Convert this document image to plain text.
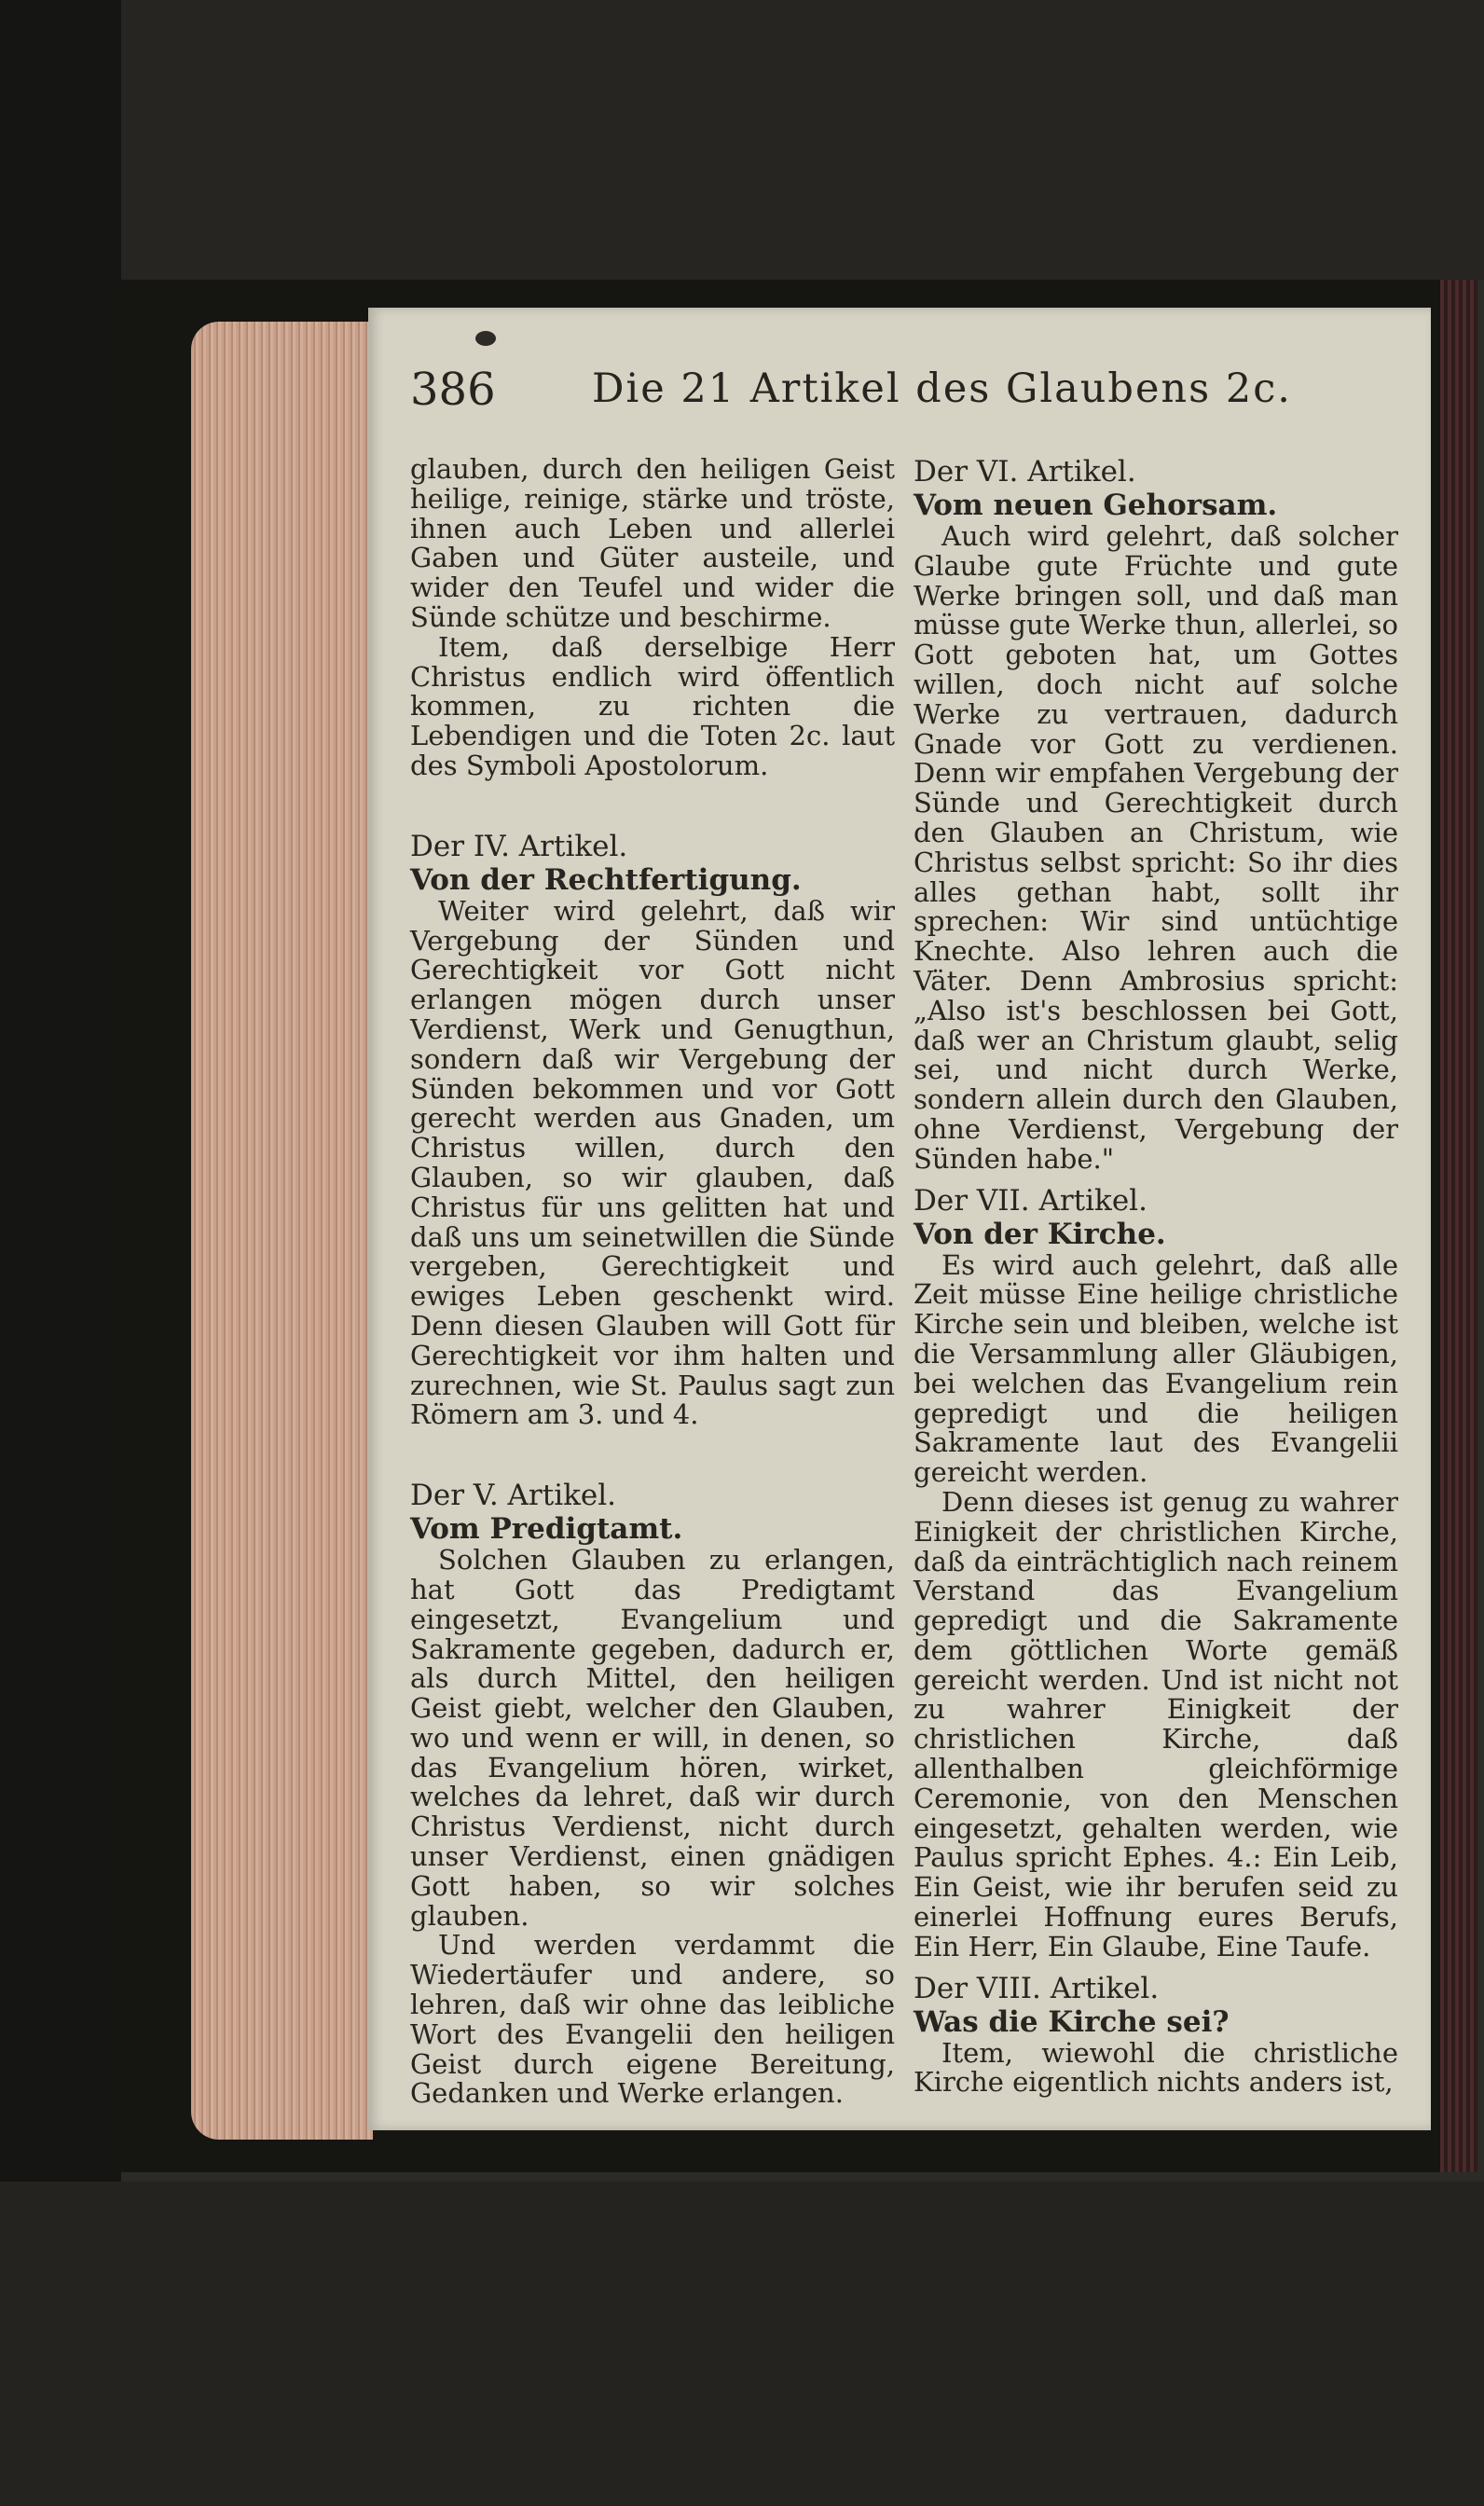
386 Die 21 Artikel des Glaubens 2c.

glauben, durch den heiligen Geist heilige, reinige, stärke und tröste, ihnen auch Leben und allerlei Gaben und Güter austeile, und wider den Teufel und wider die Sünde schütze und beschirme.

Item, daß derselbige Herr Christus endlich wird öffentlich kommen, zu richten die Lebendigen und die Toten 2c. laut des Symboli Apostolorum.

Der IV. Artikel.

Von der Rechtfertigung.

Weiter wird gelehrt, daß wir Vergebung der Sünden und Gerechtigkeit vor Gott nicht erlangen mögen durch unser Verdienst, Werk und Genugthun, sondern daß wir Vergebung der Sünden bekommen und vor Gott gerecht werden aus Gnaden, um Christus willen, durch den Glauben, so wir glauben, daß Christus für uns gelitten hat und daß uns um seinetwillen die Sünde vergeben, Gerechtigkeit und ewiges Leben geschenkt wird. Denn diesen Glauben will Gott für Gerechtigkeit vor ihm halten und zurechnen, wie St. Paulus sagt zun Römern am 3. und 4.

Der V. Artikel.

Vom Predigtamt.

Solchen Glauben zu erlangen, hat Gott das Predigtamt eingesetzt, Evangelium und Sakramente gegeben, dadurch er, als durch Mittel, den heiligen Geist giebt, welcher den Glauben, wo und wenn er will, in denen, so das Evangelium hören, wirket, welches da lehret, daß wir durch Christus Verdienst, nicht durch unser Verdienst, einen gnädigen Gott haben, so wir solches glauben.

Und werden verdammt die Wiedertäufer und andere, so lehren, daß wir ohne das leibliche Wort des Evangelii den heiligen Geist durch eigene Bereitung, Gedanken und Werke erlangen.

Der VI. Artikel.

Vom neuen Gehorsam.

Auch wird gelehrt, daß solcher Glaube gute Früchte und gute Werke bringen soll, und daß man müsse gute Werke thun, allerlei, so Gott geboten hat, um Gottes willen, doch nicht auf solche Werke zu vertrauen, dadurch Gnade vor Gott zu verdienen. Denn wir empfahen Vergebung der Sünde und Gerechtigkeit durch den Glauben an Christum, wie Christus selbst spricht: So ihr dies alles gethan habt, sollt ihr sprechen: Wir sind untüchtige Knechte. Also lehren auch die Väter. Denn Ambrosius spricht: „Also ist's beschlossen bei Gott, daß wer an Christum glaubt, selig sei, und nicht durch Werke, sondern allein durch den Glauben, ohne Verdienst, Vergebung der Sünden habe."

Der VII. Artikel.

Von der Kirche.

Es wird auch gelehrt, daß alle Zeit müsse Eine heilige christliche Kirche sein und bleiben, welche ist die Versammlung aller Gläubigen, bei welchen das Evangelium rein gepredigt und die heiligen Sakramente laut des Evangelii gereicht werden.

Denn dieses ist genug zu wahrer Einigkeit der christlichen Kirche, daß da einträchtiglich nach reinem Verstand das Evangelium gepredigt und die Sakramente dem göttlichen Worte gemäß gereicht werden. Und ist nicht not zu wahrer Einigkeit der christlichen Kirche, daß allenthalben gleichförmige Ceremonie, von den Menschen eingesetzt, gehalten werden, wie Paulus spricht Ephes. 4.: Ein Leib, Ein Geist, wie ihr berufen seid zu einerlei Hoffnung eures Berufs, Ein Herr, Ein Glaube, Eine Taufe.

Der VIII. Artikel.

Was die Kirche sei?

Item, wiewohl die christliche Kirche eigentlich nichts anders ist,
